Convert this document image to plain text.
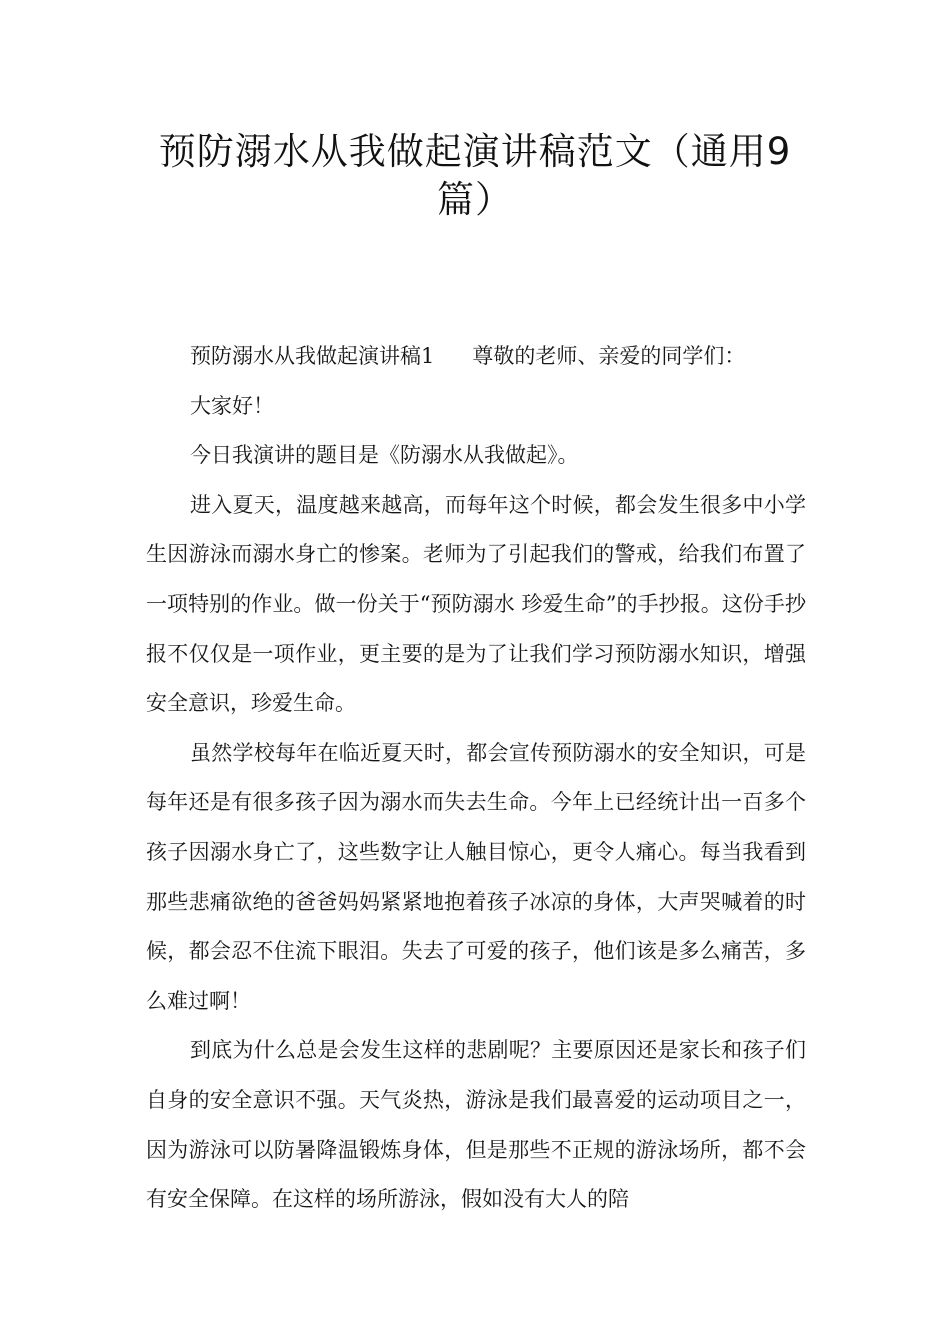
预防溺水从我做起演讲稿范文（通用9篇）

预防溺水从我做起演讲稿1 尊敬的老师、亲爱的同学们：

大家好！

今日我演讲的题目是《防溺水从我做起》。

进入夏天，温度越来越高，而每年这个时候，都会发生很多中小学生因游泳而溺水身亡的惨案。老师为了引起我们的警戒，给我们布置了一项特别的作业。做一份关于“预防溺水 珍爱生命”的手抄报。这份手抄报不仅仅是一项作业，更主要的是为了让我们学习预防溺水知识，增强安全意识，珍爱生命。

虽然学校每年在临近夏天时，都会宣传预防溺水的安全知识，可是每年还是有很多孩子因为溺水而失去生命。今年上已经统计出一百多个孩子因溺水身亡了，这些数字让人触目惊心，更令人痛心。每当我看到那些悲痛欲绝的爸爸妈妈紧紧地抱着孩子冰凉的身体，大声哭喊着的时候，都会忍不住流下眼泪。失去了可爱的孩子，他们该是多么痛苦，多么难过啊！

到底为什么总是会发生这样的悲剧呢？主要原因还是家长和孩子们自身的安全意识不强。天气炎热，游泳是我们最喜爱的运动项目之一，因为游泳可以防暑降温锻炼身体，但是那些不正规的游泳场所，都不会有安全保障。在这样的场所游泳，假如没有大人的陪
